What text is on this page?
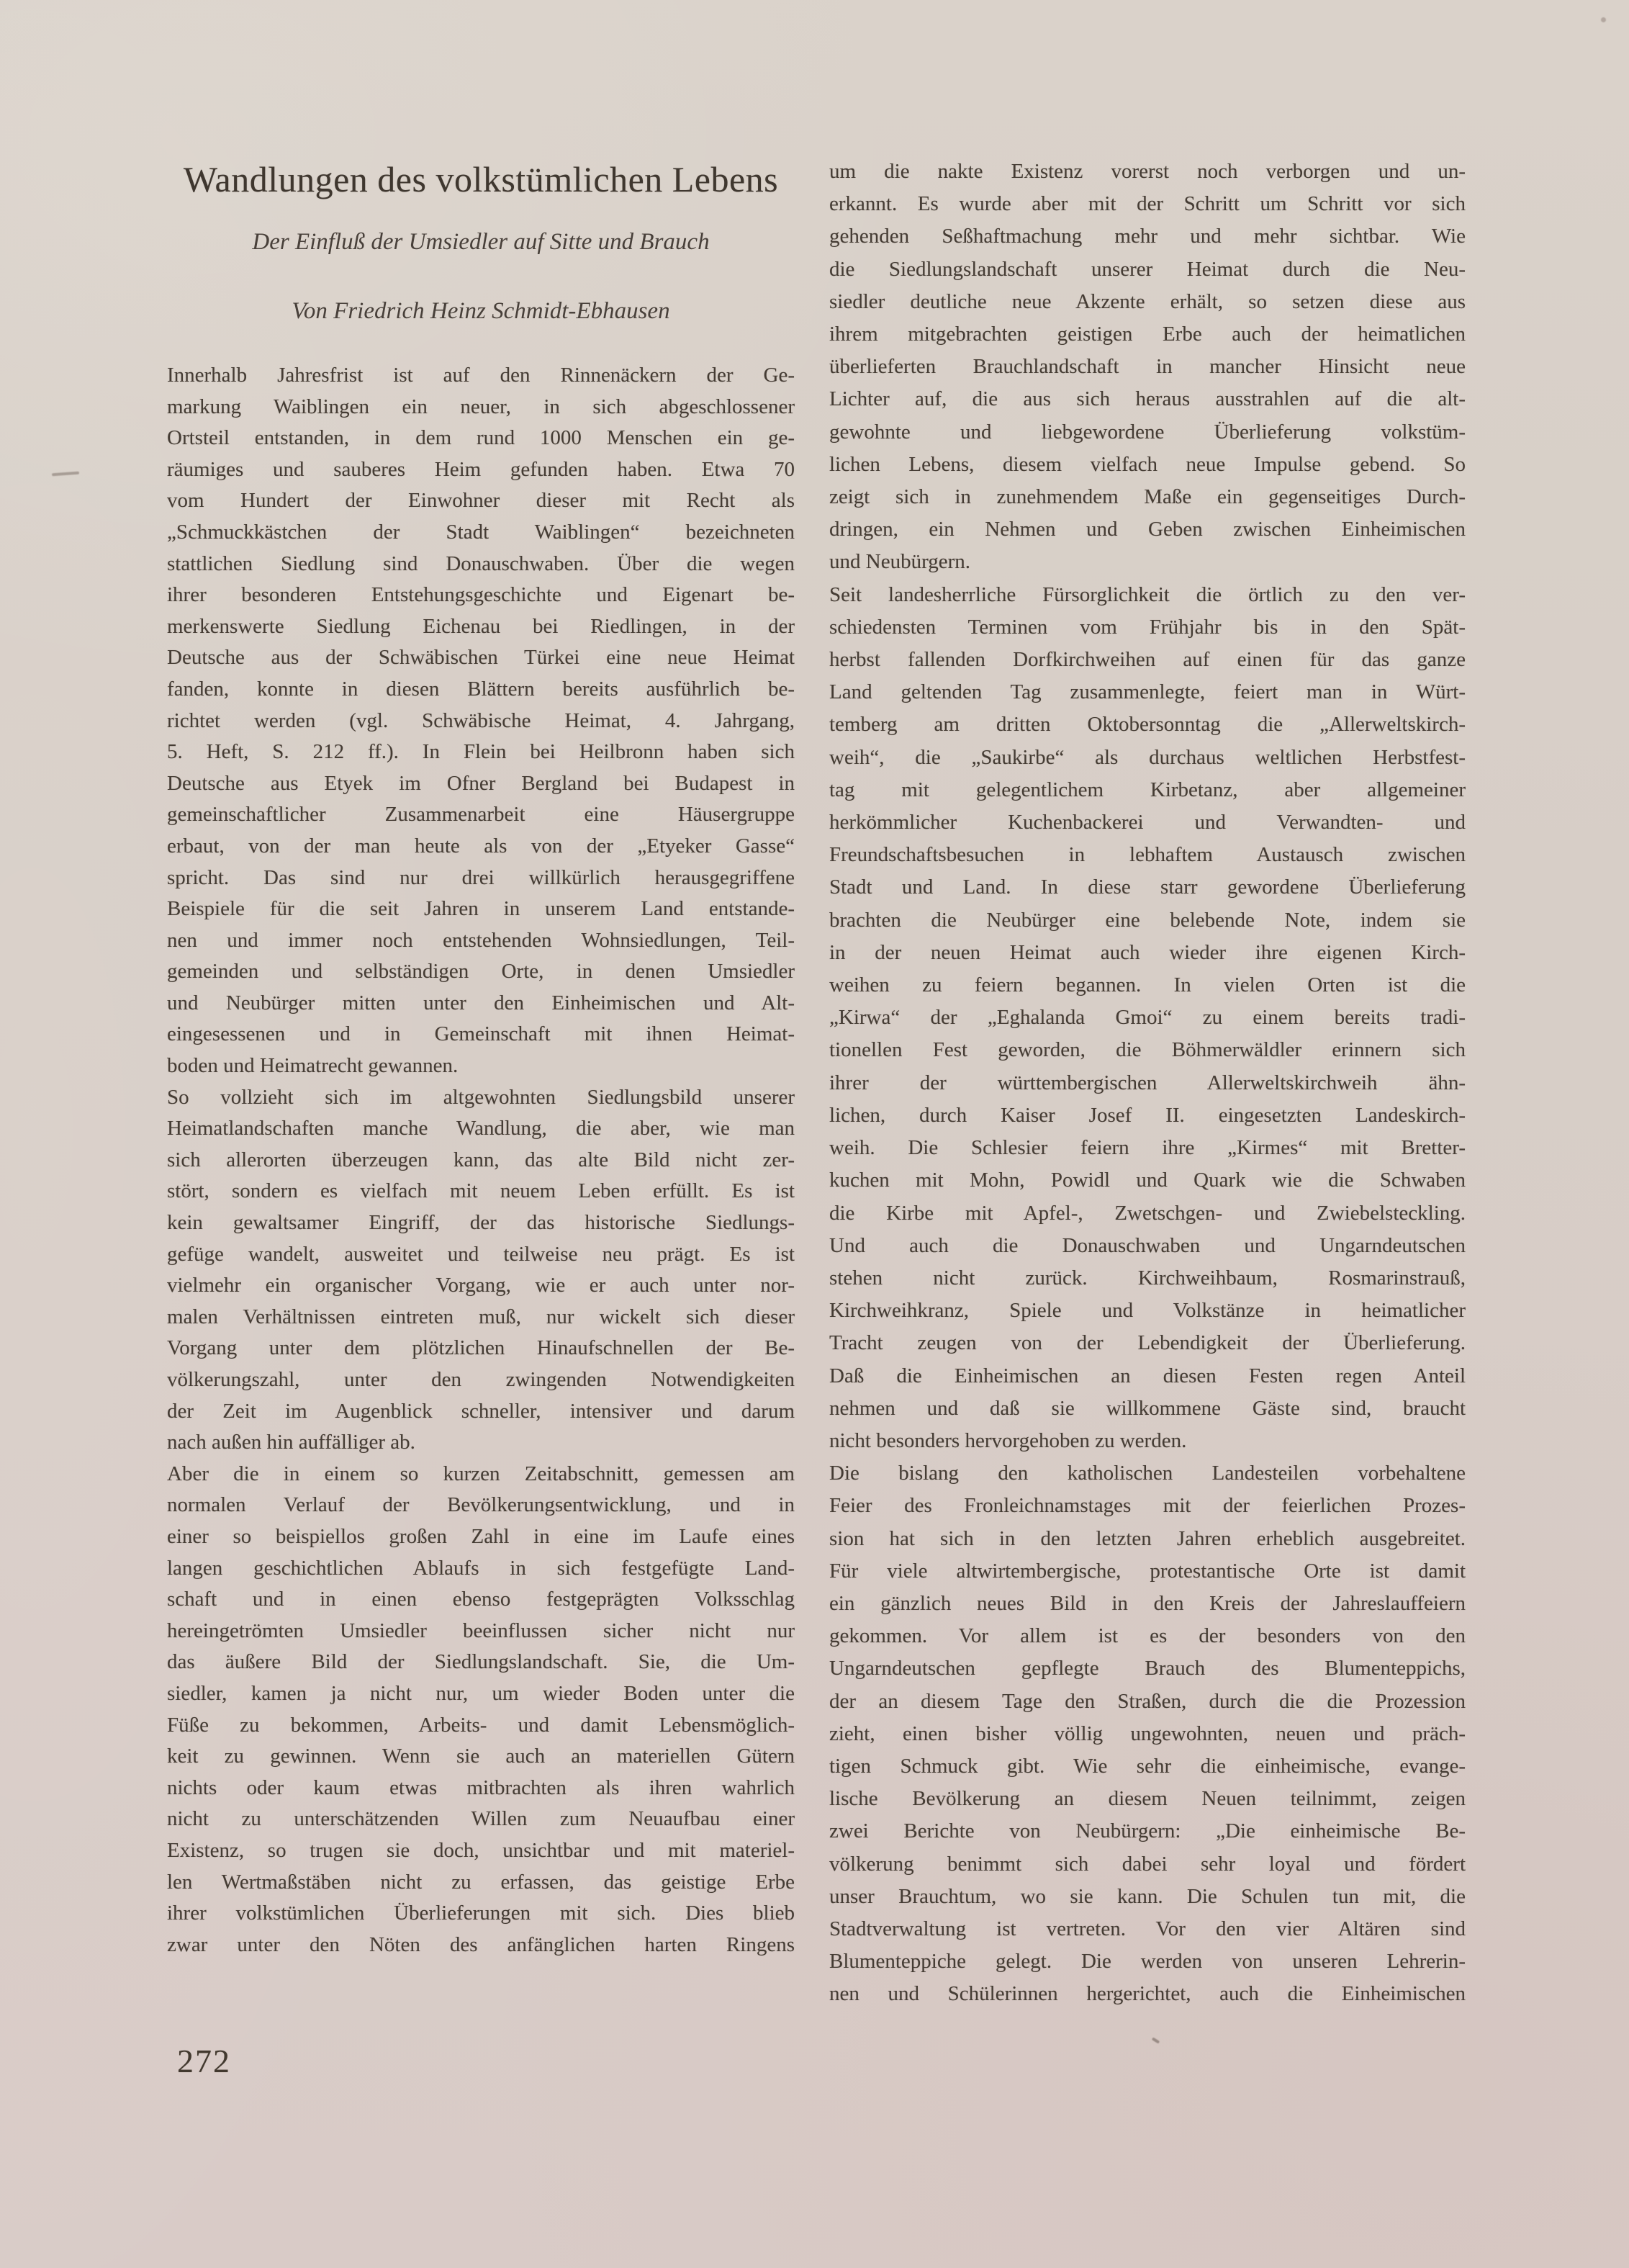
Wandlungen des volkstümlichen Lebens
Der Einfluß der Umsiedler auf Sitte und Brauch
Von Friedrich Heinz Schmidt-Ebhausen
Innerhalb Jahresfrist ist auf den Rinnenäckern der Ge-
markung Waiblingen ein neuer, in sich abgeschlossener
Ortsteil entstanden, in dem rund 1000 Menschen ein ge-
räumiges und sauberes Heim gefunden haben. Etwa 70
vom Hundert der Einwohner dieser mit Recht als
„Schmuckkästchen der Stadt Waiblingen“ bezeichneten
stattlichen Siedlung sind Donauschwaben. Über die wegen
ihrer besonderen Entstehungsgeschichte und Eigenart be-
merkenswerte Siedlung Eichenau bei Riedlingen, in der
Deutsche aus der Schwäbischen Türkei eine neue Heimat
fanden, konnte in diesen Blättern bereits ausführlich be-
richtet werden (vgl. Schwäbische Heimat, 4. Jahrgang,
5. Heft, S. 212 ff.). In Flein bei Heilbronn haben sich
Deutsche aus Etyek im Ofner Bergland bei Budapest in
gemeinschaftlicher Zusammenarbeit eine Häusergruppe
erbaut, von der man heute als von der „Etyeker Gasse“
spricht. Das sind nur drei willkürlich herausgegriffene
Beispiele für die seit Jahren in unserem Land entstande-
nen und immer noch entstehenden Wohnsiedlungen, Teil-
gemeinden und selbständigen Orte, in denen Umsiedler
und Neubürger mitten unter den Einheimischen und Alt-
eingesessenen und in Gemeinschaft mit ihnen Heimat-
boden und Heimatrecht gewannen.
So vollzieht sich im altgewohnten Siedlungsbild unserer
Heimatlandschaften manche Wandlung, die aber, wie man
sich allerorten überzeugen kann, das alte Bild nicht zer-
stört, sondern es vielfach mit neuem Leben erfüllt. Es ist
kein gewaltsamer Eingriff, der das historische Siedlungs-
gefüge wandelt, ausweitet und teilweise neu prägt. Es ist
vielmehr ein organischer Vorgang, wie er auch unter nor-
malen Verhältnissen eintreten muß, nur wickelt sich dieser
Vorgang unter dem plötzlichen Hinaufschnellen der Be-
völkerungszahl, unter den zwingenden Notwendigkeiten
der Zeit im Augenblick schneller, intensiver und darum
nach außen hin auffälliger ab.
Aber die in einem so kurzen Zeitabschnitt, gemessen am
normalen Verlauf der Bevölkerungsentwicklung, und in
einer so beispiellos großen Zahl in eine im Laufe eines
langen geschichtlichen Ablaufs in sich festgefügte Land-
schaft und in einen ebenso festgeprägten Volksschlag
hereingetrömten Umsiedler beeinflussen sicher nicht nur
das äußere Bild der Siedlungslandschaft. Sie, die Um-
siedler, kamen ja nicht nur, um wieder Boden unter die
Füße zu bekommen, Arbeits- und damit Lebensmöglich-
keit zu gewinnen. Wenn sie auch an materiellen Gütern
nichts oder kaum etwas mitbrachten als ihren wahrlich
nicht zu unterschätzenden Willen zum Neuaufbau einer
Existenz, so trugen sie doch, unsichtbar und mit materiel-
len Wertmaßstäben nicht zu erfassen, das geistige Erbe
ihrer volkstümlichen Überlieferungen mit sich. Dies blieb
zwar unter den Nöten des anfänglichen harten Ringens
um die nakte Existenz vorerst noch verborgen und un-
erkannt. Es wurde aber mit der Schritt um Schritt vor sich
gehenden Seßhaftmachung mehr und mehr sichtbar. Wie
die Siedlungslandschaft unserer Heimat durch die Neu-
siedler deutliche neue Akzente erhält, so setzen diese aus
ihrem mitgebrachten geistigen Erbe auch der heimatlichen
überlieferten Brauchlandschaft in mancher Hinsicht neue
Lichter auf, die aus sich heraus ausstrahlen auf die alt-
gewohnte und liebgewordene Überlieferung volkstüm-
lichen Lebens, diesem vielfach neue Impulse gebend. So
zeigt sich in zunehmendem Maße ein gegenseitiges Durch-
dringen, ein Nehmen und Geben zwischen Einheimischen
und Neubürgern.
Seit landesherrliche Fürsorglichkeit die örtlich zu den ver-
schiedensten Terminen vom Frühjahr bis in den Spät-
herbst fallenden Dorfkirchweihen auf einen für das ganze
Land geltenden Tag zusammenlegte, feiert man in Würt-
temberg am dritten Oktobersonntag die „Allerweltskirch-
weih“, die „Saukirbe“ als durchaus weltlichen Herbstfest-
tag mit gelegentlichem Kirbetanz, aber allgemeiner
herkömmlicher Kuchenbackerei und Verwandten- und
Freundschaftsbesuchen in lebhaftem Austausch zwischen
Stadt und Land. In diese starr gewordene Überlieferung
brachten die Neubürger eine belebende Note, indem sie
in der neuen Heimat auch wieder ihre eigenen Kirch-
weihen zu feiern begannen. In vielen Orten ist die
„Kirwa“ der „Eghalanda Gmoi“ zu einem bereits tradi-
tionellen Fest geworden, die Böhmerwäldler erinnern sich
ihrer der württembergischen Allerweltskirchweih ähn-
lichen, durch Kaiser Josef II. eingesetzten Landeskirch-
weih. Die Schlesier feiern ihre „Kirmes“ mit Bretter-
kuchen mit Mohn, Powidl und Quark wie die Schwaben
die Kirbe mit Apfel-, Zwetschgen- und Zwiebelsteckling.
Und auch die Donauschwaben und Ungarndeutschen
stehen nicht zurück. Kirchweihbaum, Rosmarinstrauß,
Kirchweihkranz, Spiele und Volkstänze in heimatlicher
Tracht zeugen von der Lebendigkeit der Überlieferung.
Daß die Einheimischen an diesen Festen regen Anteil
nehmen und daß sie willkommene Gäste sind, braucht
nicht besonders hervorgehoben zu werden.
Die bislang den katholischen Landesteilen vorbehaltene
Feier des Fronleichnamstages mit der feierlichen Prozes-
sion hat sich in den letzten Jahren erheblich ausgebreitet.
Für viele altwirtembergische, protestantische Orte ist damit
ein gänzlich neues Bild in den Kreis der Jahreslauffeiern
gekommen. Vor allem ist es der besonders von den
Ungarndeutschen gepflegte Brauch des Blumenteppichs,
der an diesem Tage den Straßen, durch die die Prozession
zieht, einen bisher völlig ungewohnten, neuen und präch-
tigen Schmuck gibt. Wie sehr die einheimische, evange-
lische Bevölkerung an diesem Neuen teilnimmt, zeigen
zwei Berichte von Neubürgern: „Die einheimische Be-
völkerung benimmt sich dabei sehr loyal und fördert
unser Brauchtum, wo sie kann. Die Schulen tun mit, die
Stadtverwaltung ist vertreten. Vor den vier Altären sind
Blumenteppiche gelegt. Die werden von unseren Lehrerin-
nen und Schülerinnen hergerichtet, auch die Einheimischen
272
